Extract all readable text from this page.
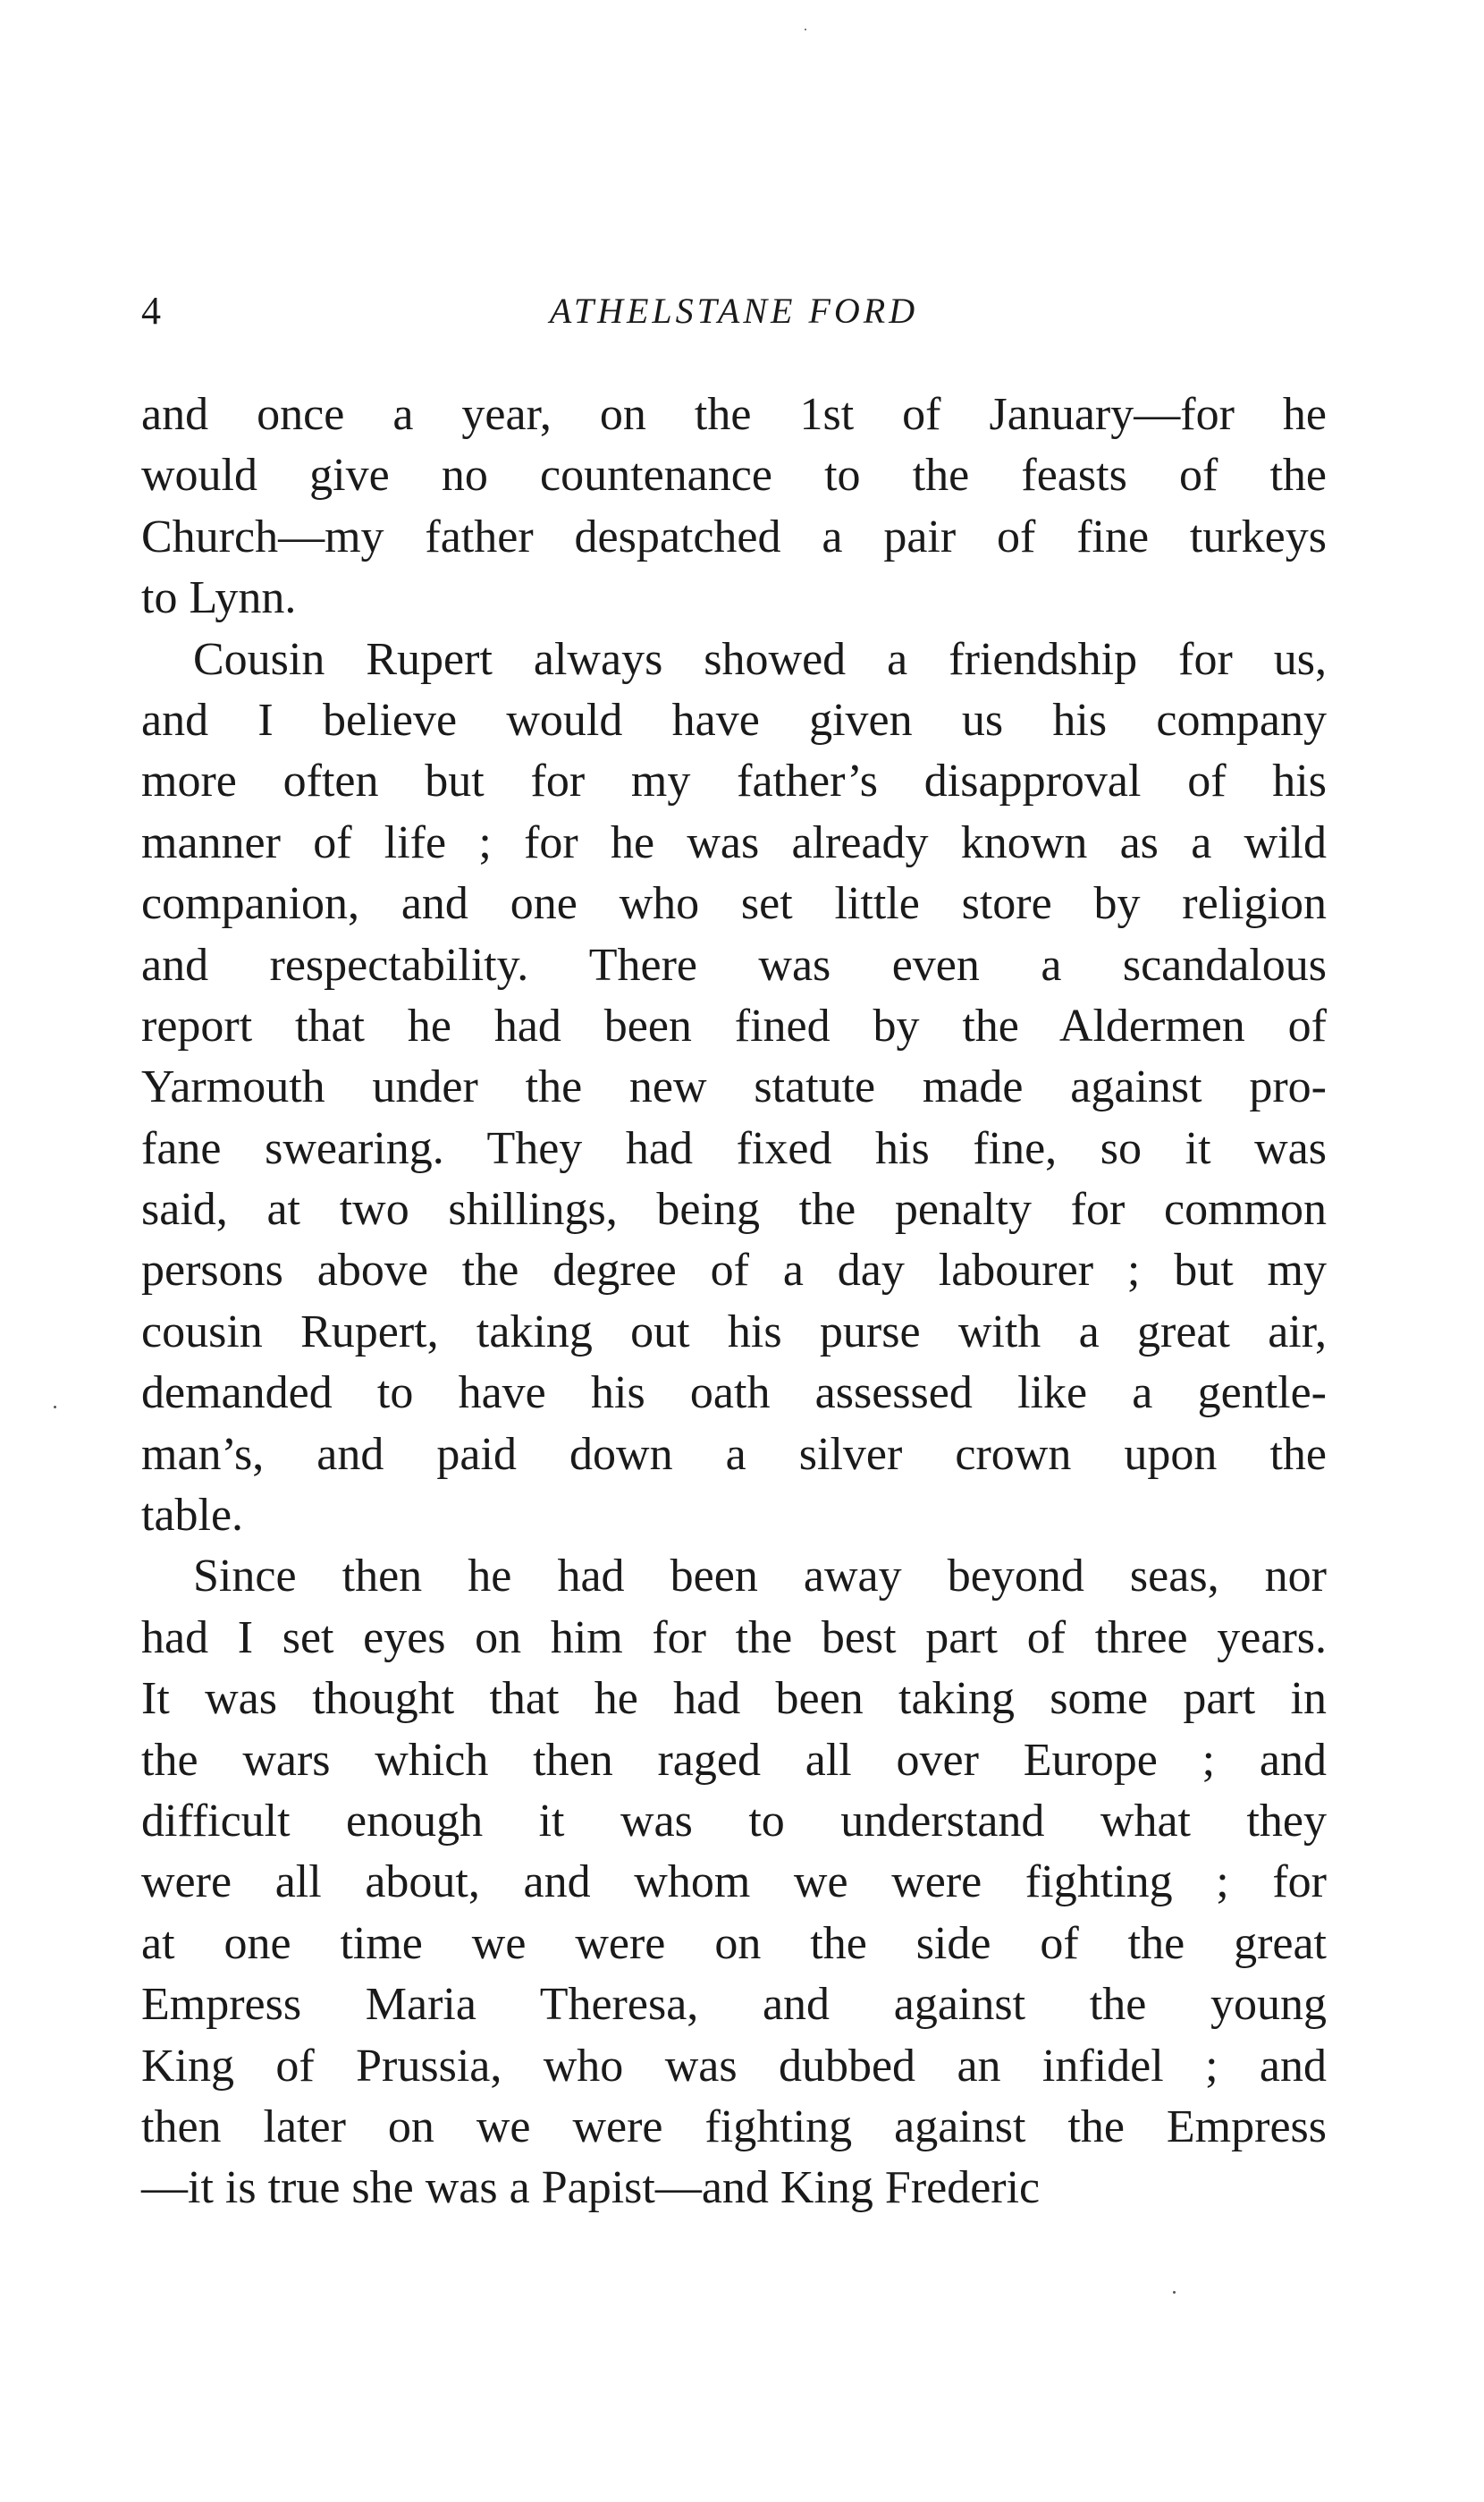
4	ATHELSTANE FORD
and once a year, on the 1st of January—for he
would give no countenance to the feasts of the
Church—my father despatched a pair of fine turkeys
to Lynn.
Cousin Rupert always showed a friendship for us,
and I believe would have given us his company
more often but for my father’s disapproval of his
manner of life ; for he was already known as a wild
companion, and one who set little store by religion
and respectability. There was even a scandalous
report that he had been fined by the Aldermen of
Yarmouth under the new statute made against pro-
fane swearing. They had fixed his fine, so it was
said, at two shillings, being the penalty for common
persons above the degree of a day labourer ; but my
cousin Rupert, taking out his purse with a great air,
demanded to have his oath assessed like a gentle-
man’s, and paid down a silver crown upon the
table.
Since then he had been away beyond seas, nor
had I set eyes on him for the best part of three years.
It was thought that he had been taking some part in
the wars which then raged all over Europe ; and
difficult enough it was to understand what they
were all about, and whom we were fighting ; for
at one time we were on the side of the great
Empress Maria Theresa, and against the young
King of Prussia, who was dubbed an infidel ; and
then later on we were fighting against the Empress
—it is true she was a Papist—and King Frederic
